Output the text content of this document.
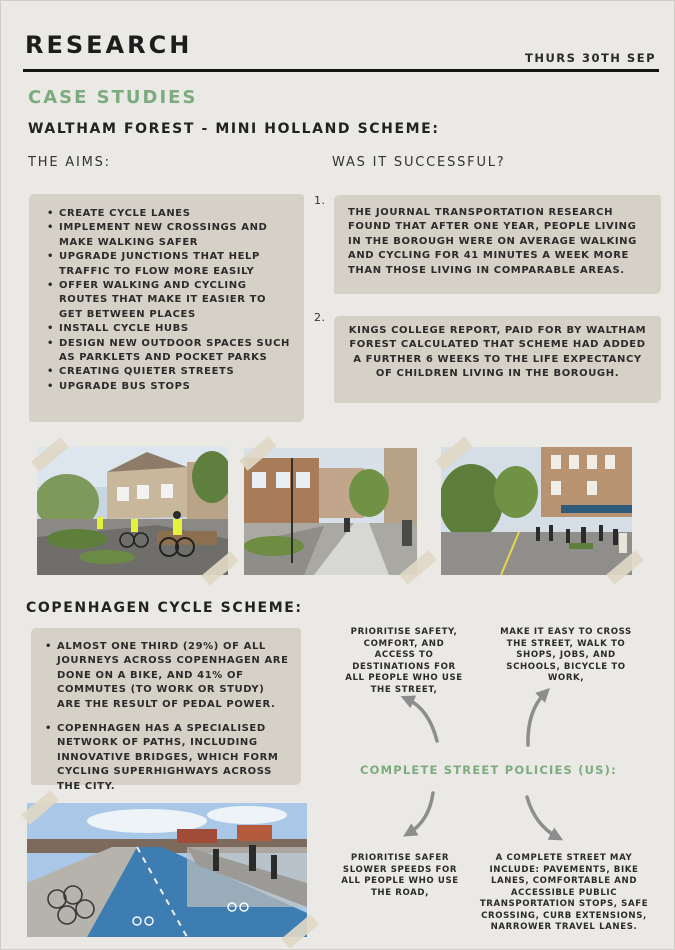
RESEARCH	THURS 30TH SEP
CASE STUDIES
WALTHAM FOREST - MINI HOLLAND SCHEME:
THE AIMS:	WAS IT SUCCESSFUL?
• CREATE CYCLE LANES
• IMPLEMENT NEW CROSSINGS AND MAKE WALKING SAFER
• UPGRADE JUNCTIONS THAT HELP TRAFFIC TO FLOW MORE EASILY
• OFFER WALKING AND CYCLING ROUTES THAT MAKE IT EASIER TO GET BETWEEN PLACES
• INSTALL CYCLE HUBS
• DESIGN NEW OUTDOOR SPACES SUCH AS PARKLETS AND POCKET PARKS
• CREATING QUIETER STREETS
• UPGRADE BUS STOPS
1.
THE JOURNAL TRANSPORTATION RESEARCH FOUND THAT AFTER ONE YEAR, PEOPLE LIVING IN THE BOROUGH WERE ON AVERAGE WALKING AND CYCLING FOR 41 MINUTES A WEEK MORE THAN THOSE LIVING IN COMPARABLE AREAS.
2.
KINGS COLLEGE REPORT, PAID FOR BY WALTHAM FOREST CALCULATED THAT SCHEME HAD ADDED A FURTHER 6 WEEKS TO THE LIFE EXPECTANCY OF CHILDREN LIVING IN THE BOROUGH.
COPENHAGEN CYCLE SCHEME:
• ALMOST ONE THIRD (29%) OF ALL JOURNEYS ACROSS COPENHAGEN ARE DONE ON A BIKE, AND 41% OF COMMUTES (TO WORK OR STUDY) ARE THE RESULT OF PEDAL POWER.
• COPENHAGEN HAS A SPECIALISED NETWORK OF PATHS, INCLUDING INNOVATIVE BRIDGES, WHICH FORM CYCLING SUPERHIGHWAYS ACROSS THE CITY.
PRIORITISE SAFETY, COMFORT, AND ACCESS TO DESTINATIONS FOR ALL PEOPLE WHO USE THE STREET,
MAKE IT EASY TO CROSS THE STREET, WALK TO SHOPS, JOBS, AND SCHOOLS, BICYCLE TO WORK,
COMPLETE STREET POLICIES (US):
PRIORITISE SAFER SLOWER SPEEDS FOR ALL PEOPLE WHO USE THE ROAD,
A COMPLETE STREET MAY INCLUDE: PAVEMENTS, BIKE LANES, COMFORTABLE AND ACCESSIBLE PUBLIC TRANSPORTATION STOPS, SAFE CROSSING, CURB EXTENSIONS, NARROWER TRAVEL LANES.
